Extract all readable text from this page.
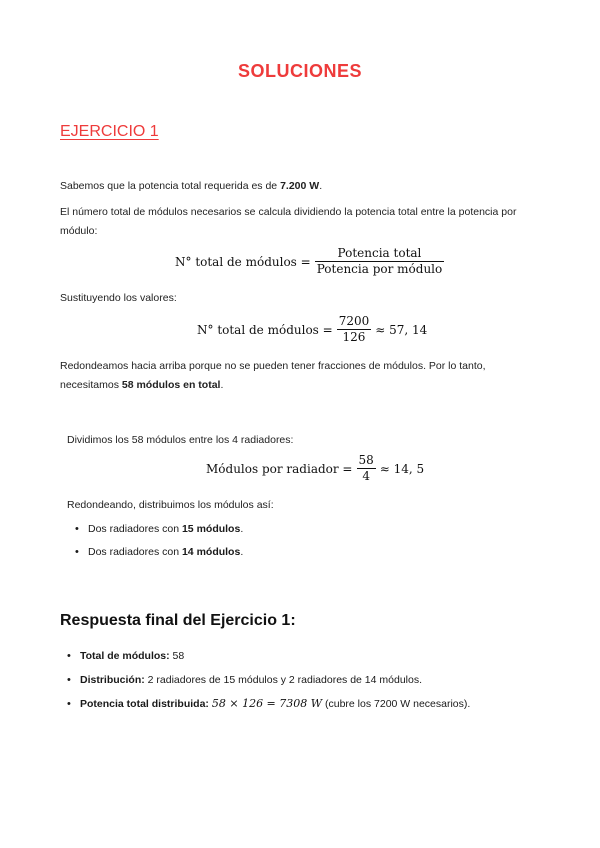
SOLUCIONES
EJERCICIO 1
Sabemos que la potencia total requerida es de 7.200 W.
El número total de módulos necesarios se calcula dividiendo la potencia total entre la potencia por módulo:
N° total de módulos = $\frac{\text{Potencia total}}{\text{Potencia por módulo}}$
Sustituyendo los valores:
N° total de módulos = $\frac{7200}{126} \approx 57$, 14
Redondeamos hacia arriba porque no se pueden tener fracciones de módulos. Por lo tanto, necesitamos 58 módulos en total.
Dividimos los 58 módulos entre los 4 radiadores:
Módulos por radiador = $\frac{58}{4} \approx 14$, 5
Redondeando, distribuimos los módulos así:
• Dos radiadores con 15 módulos.
• Dos radiadores con 14 módulos.
Respuesta final del Ejercicio 1:
• Total de módulos: 58
• Distribución: 2 radiadores de 15 módulos y 2 radiadores de 14 módulos.
• Potencia total distribuida: 58 × 126 = 7308 W (cubre los 7200 W necesarios).
